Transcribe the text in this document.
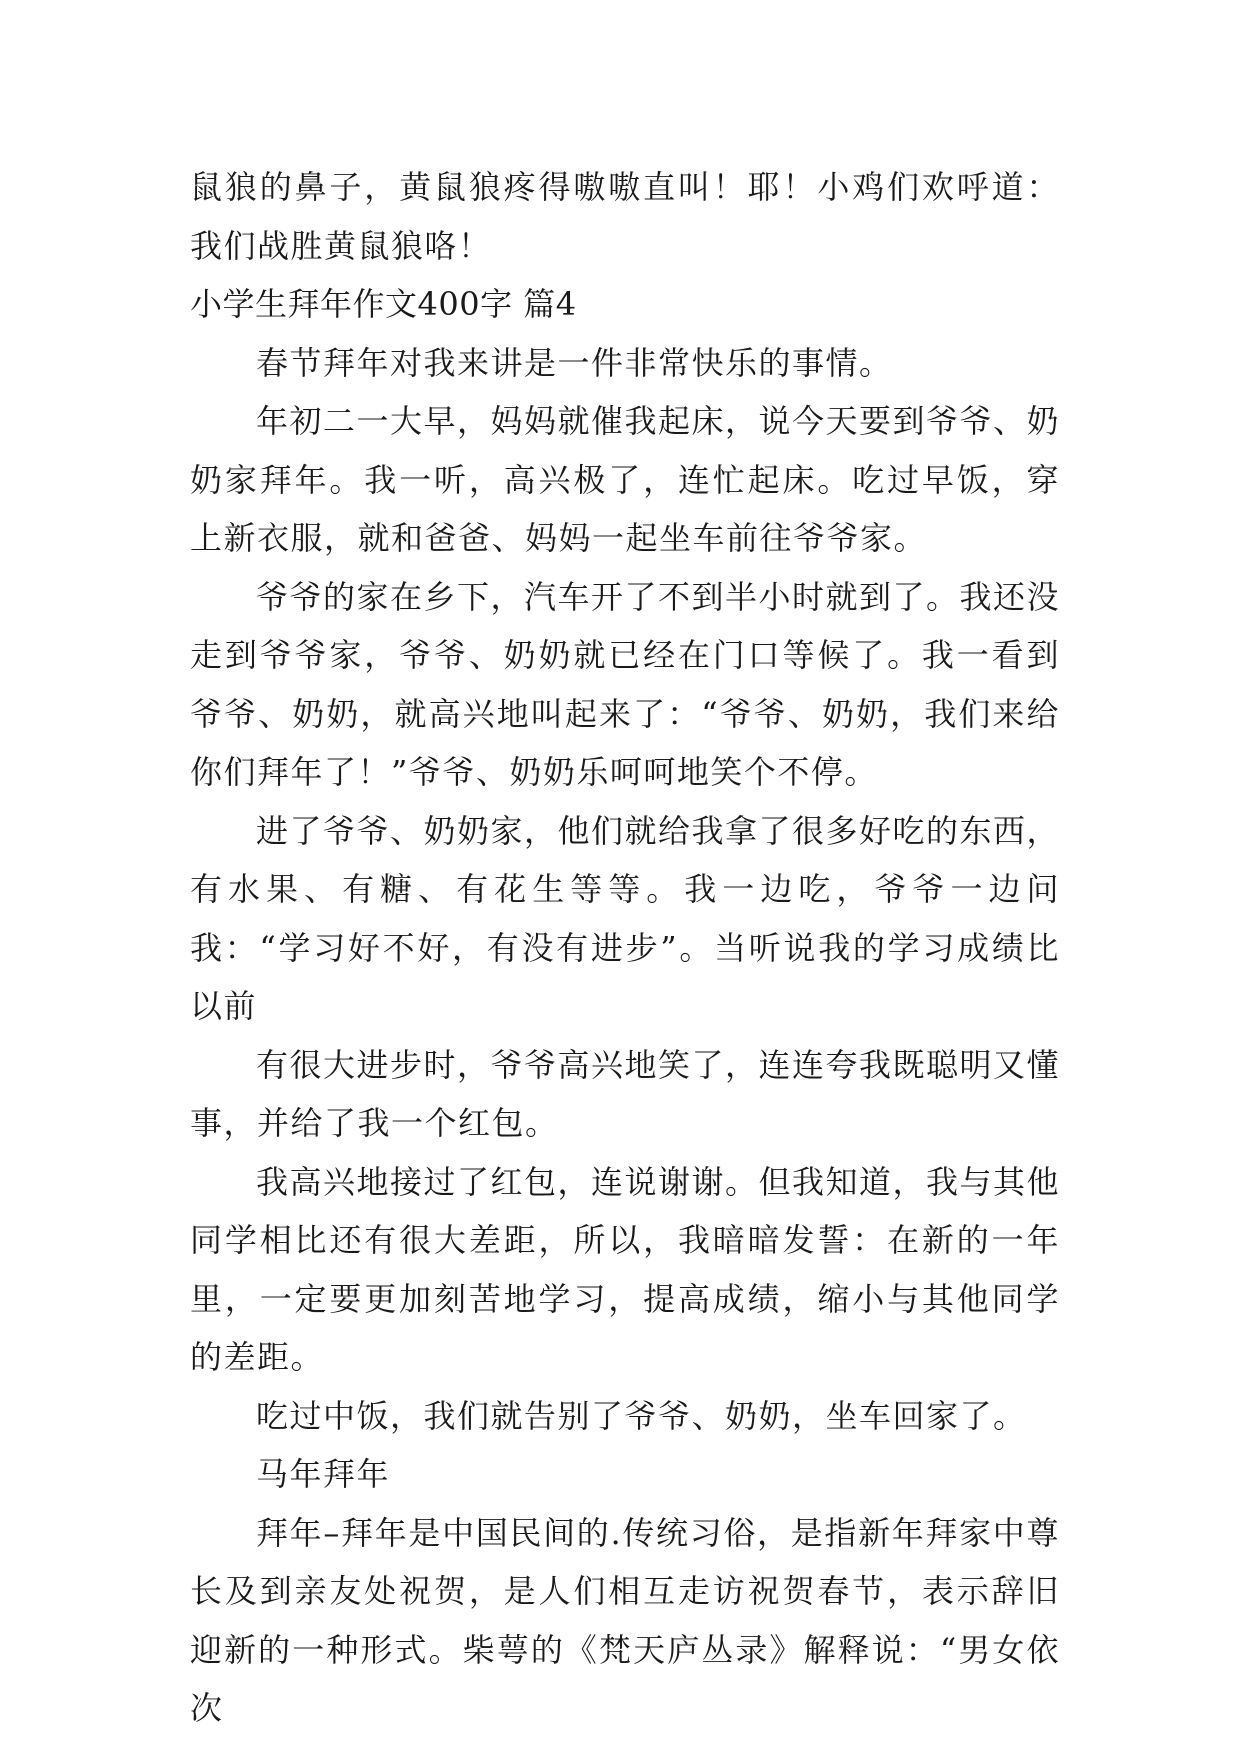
鼠狼的鼻子，黄鼠狼疼得嗷嗷直叫！耶！小鸡们欢呼道：我们战胜黄鼠狼咯！

小学生拜年作文400字 篇4

春节拜年对我来讲是一件非常快乐的事情。

年初二一大早，妈妈就催我起床，说今天要到爷爷、奶奶家拜年。我一听，高兴极了，连忙起床。吃过早饭，穿上新衣服，就和爸爸、妈妈一起坐车前往爷爷家。

爷爷的家在乡下，汽车开了不到半小时就到了。我还没走到爷爷家，爷爷、奶奶就已经在门口等候了。我一看到爷爷、奶奶，就高兴地叫起来了：“爷爷、奶奶，我们来给你们拜年了！”爷爷、奶奶乐呵呵地笑个不停。

进了爷爷、奶奶家，他们就给我拿了很多好吃的东西，有水果、有糖、有花生等等。我一边吃，爷爷一边问我：“学习好不好，有没有进步”。当听说我的学习成绩比以前

有很大进步时，爷爷高兴地笑了，连连夸我既聪明又懂事，并给了我一个红包。

我高兴地接过了红包，连说谢谢。但我知道，我与其他同学相比还有很大差距，所以，我暗暗发誓：在新的一年里，一定要更加刻苦地学习，提高成绩，缩小与其他同学的差距。

吃过中饭，我们就告别了爷爷、奶奶，坐车回家了。

马年拜年

拜年–拜年是中国民间的.传统习俗，是指新年拜家中尊长及到亲友处祝贺，是人们相互走访祝贺春节，表示辞旧迎新的一种形式。柴萼的《梵天庐丛录》解释说：“男女依次
